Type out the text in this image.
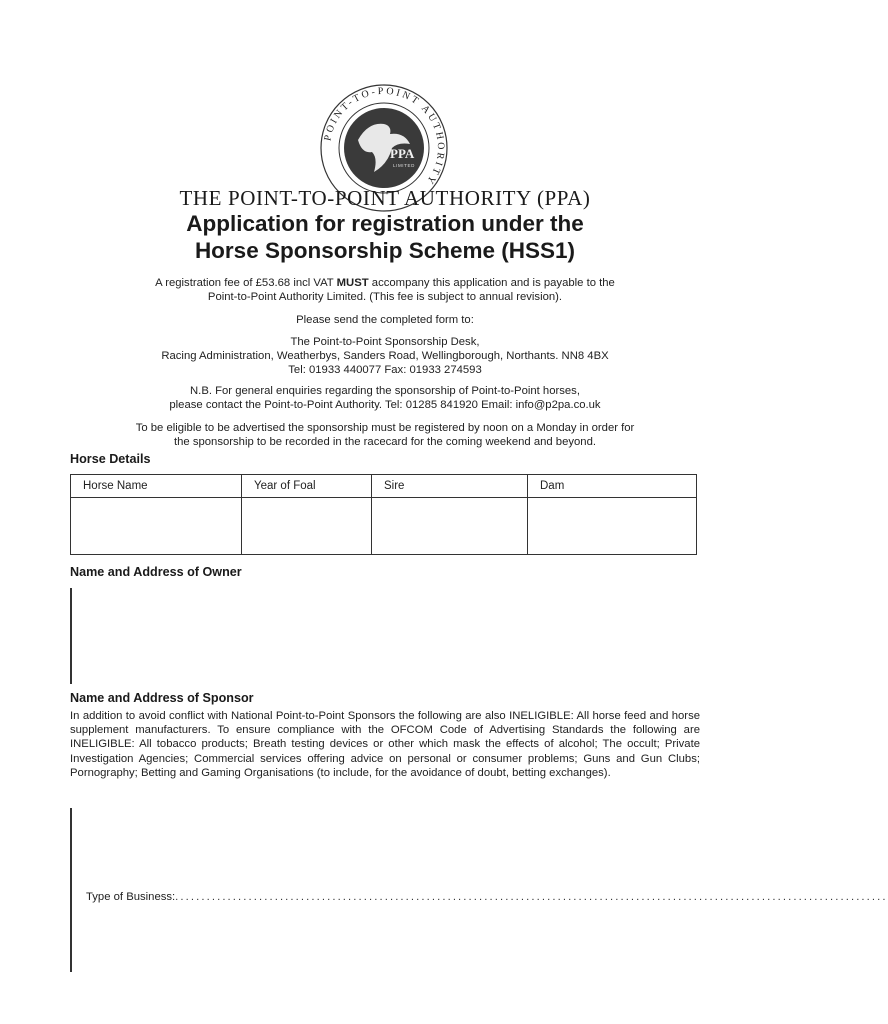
POINT-TO-POINT AUTHORITY
PPA
LIMITED
THE POINT-TO-POINT AUTHORITY (PPA)
Application for registration under the
Horse Sponsorship Scheme (HSS1)

A registration fee of £53.68 incl VAT MUST accompany this application and is payable to the

Point-to-Point Authority Limited. (This fee is subject to annual revision).

Please send the completed form to:

The Point-to-Point Sponsorship Desk,

Racing Administration, Weatherbys, Sanders Road, Wellingborough, Northants. NN8 4BX

Tel: 01933 440077 Fax: 01933 274593

N.B. For general enquiries regarding the sponsorship of Point-to-Point horses,

please contact the Point-to-Point Authority. Tel: 01285 841920 Email: info@p2pa.co.uk

To be eligible to be advertised the sponsorship must be registered by noon on a Monday in order for

the sponsorship to be recorded in the racecard for the coming weekend and beyond.

Horse Details
Horse Name	Year of Foal	Sire	Dam

Name and Address of Owner
Name and Address of Sponsor
In addition to avoid conflict with National Point-to-Point Sponsors the following are also INELIGIBLE: All horse feed and horse supplement manufacturers. To ensure compliance with the OFCOM Code of Advertising Standards the following are INELIGIBLE: All tobacco products; Breath testing devices or other which mask the effects of alcohol; The occult; Private Investigation Agencies; Commercial services offering advice on personal or consumer problems; Guns and Gun Clubs; Pornography; Betting and Gaming Organisations (to include, for the avoidance of doubt, betting exchanges).
Type of Business: ........................................................................................................................................
